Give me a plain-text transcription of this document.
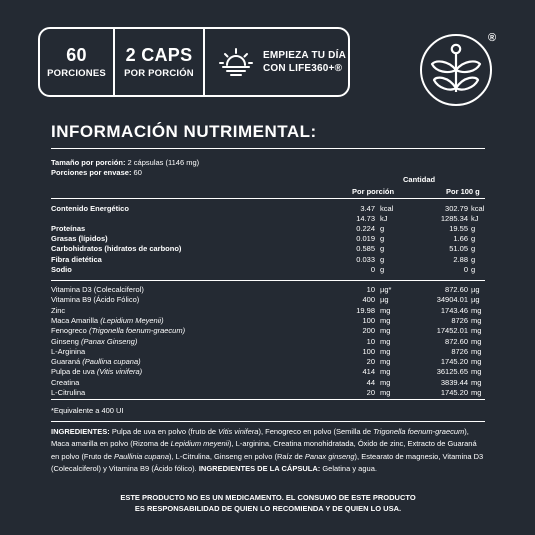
60
PORCIONES
2 CAPS
POR PORCIÓN
EMPIEZA TU DÍA
CON LIFE360+®
®
INFORMACIÓN NUTRIMENTAL:
Tamaño por porción: 2 cápsulas (1146 mg)
Porciones por envase: 60
Cantidad
Por porción	Por 100 g
Contenido Energético	3.47 kcal	302.79 kcal
14.73 kJ	1285.34 kJ
Proteínas	0.224 g	19.55 g
Grasas (lípidos)	0.019 g	1.66 g
Carbohidratos (hidratos de carbono)	0.585 g	51.05 g
Fibra dietética	0.033 g	2.88 g
Sodio	0 g	0 g
Vitamina D3 (Colecalciferol)	10 µg*	872.60 µg
Vitamina B9 (Ácido Fólico)	400 µg	34904.01 µg
Zinc	19.98 mg	1743.46 mg
Maca Amarilla (Lepidium Meyenii)	100 mg	8726 mg
Fenogreco (Trigonella foenum-graecum)	200 mg	17452.01 mg
Ginseng (Panax Ginseng)	10 mg	872.60 mg
L-Arginina	100 mg	8726 mg
Guaraná (Paullina cupana)	20 mg	1745.20 mg
Pulpa de uva (Vitis vinifera)	414 mg	36125.65 mg
Creatina	44 mg	3839.44 mg
L-Citrulina	20 mg	1745.20 mg
*Equivalente a 400 UI
INGREDIENTES: Pulpa de uva en polvo (fruto de Vitis vinifera), Fenogreco en polvo (Semilla de Trigonella foenum-graecum), Maca amarilla en polvo (Rizoma de Lepidium meyenii), L-arginina, Creatina monohidratada, Óxido de zinc, Extracto de Guaraná en polvo (Fruto de Paullinia cupana), L-Citrulina, Ginseng en polvo (Raíz de Panax ginseng), Estearato de magnesio, Vitamina D3 (Colecalciferol) y Vitamina B9 (Ácido fólico). INGREDIENTES DE LA CÁPSULA: Gelatina y agua.
ESTE PRODUCTO NO ES UN MEDICAMENTO. EL CONSUMO DE ESTE PRODUCTO
ES RESPONSABILIDAD DE QUIEN LO RECOMIENDA Y DE QUIEN LO USA.
